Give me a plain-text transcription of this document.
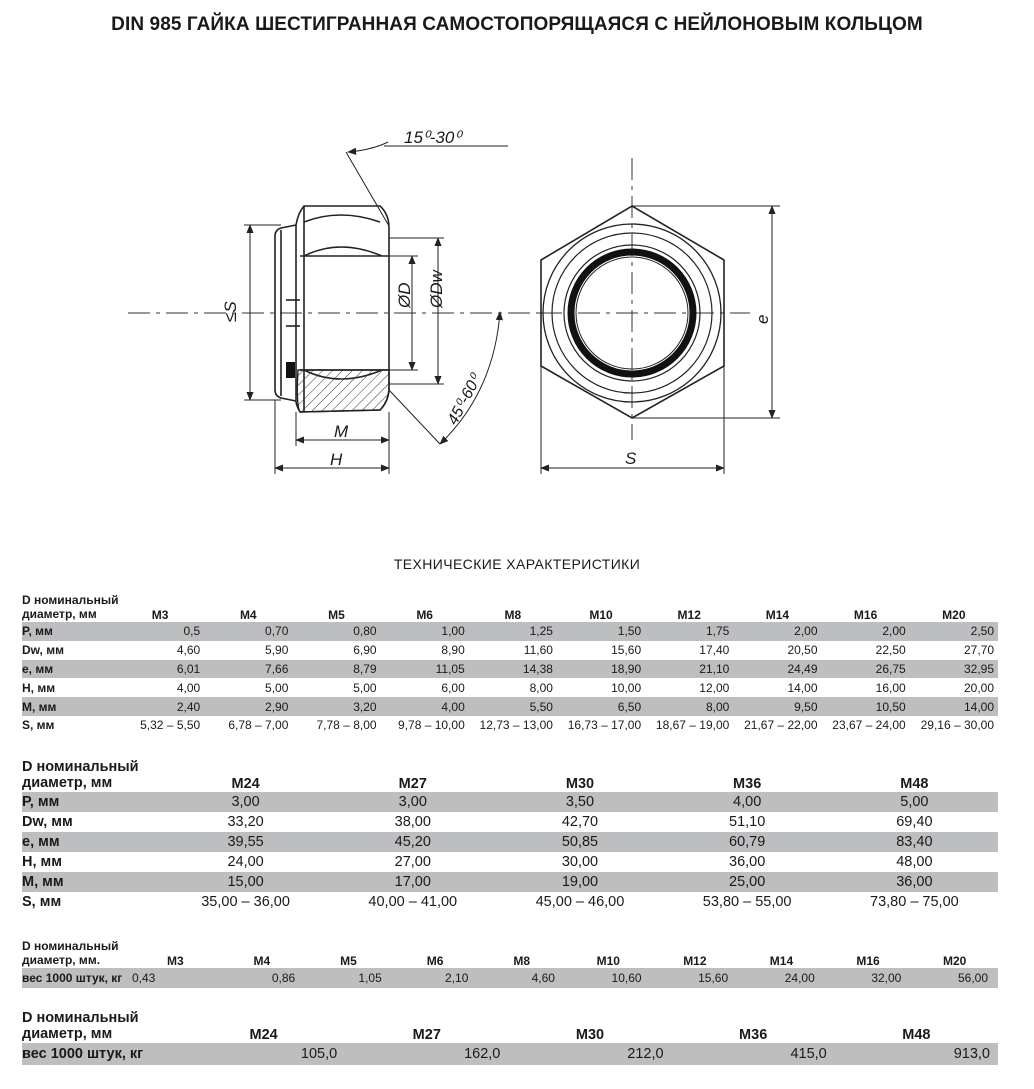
DIN 985 ГАЙКА ШЕСТИГРАННАЯ САМОСТОПОРЯЩАЯСЯ С НЕЙЛОНОВЫМ КОЛЬЦОМ
15⁰-30⁰
45⁰-60⁰
≤S
ØD ØDw
M
H
e
S
ТЕХНИЧЕСКИЕ ХАРАКТЕРИСТИКИ
D номинальный
диаметр, мм	M3	M4	M5	M6	M8	M10	M12	M14	M16	M20
P, мм	0,5	0,70	0,80	1,00	1,25	1,50	1,75	2,00	2,00	2,50
Dw, мм	4,60	5,90	6,90	8,90	11,60	15,60	17,40	20,50	22,50	27,70
e, мм	6,01	7,66	8,79	11,05	14,38	18,90	21,10	24,49	26,75	32,95
H, мм	4,00	5,00	5,00	6,00	8,00	10,00	12,00	14,00	16,00	20,00
M, мм	2,40	2,90	3,20	4,00	5,50	6,50	8,00	9,50	10,50	14,00
S, мм	5,32 – 5,50	6,78 – 7,00	7,78 – 8,00	9,78 – 10,00	12,73 – 13,00	16,73 – 17,00	18,67 – 19,00	21,67 – 22,00	23,67 – 24,00	29,16 – 30,00
D номинальный
диаметр, мм	M24	M27	M30	M36	M48
P, мм	3,00	3,00	3,50	4,00	5,00
Dw, мм	33,20	38,00	42,70	51,10	69,40
e, мм	39,55	45,20	50,85	60,79	83,40
H, мм	24,00	27,00	30,00	36,00	48,00
M, мм	15,00	17,00	19,00	25,00	36,00
S, мм	35,00 – 36,00	40,00 – 41,00	45,00 – 46,00	53,80 – 55,00	73,80 – 75,00
D номинальный
диаметр, мм.	M3	M4	M5	M6	M8	M10	M12	M14	M16	M20
вес 1000 штук, кг	0,43	0,86	1,05	2,10	4,60	10,60	15,60	24,00	32,00	56,00
D номинальный
диаметр, мм	M24	M27	M30	M36	M48
вес 1000 штук, кг	105,0	162,0	212,0	415,0	913,0
